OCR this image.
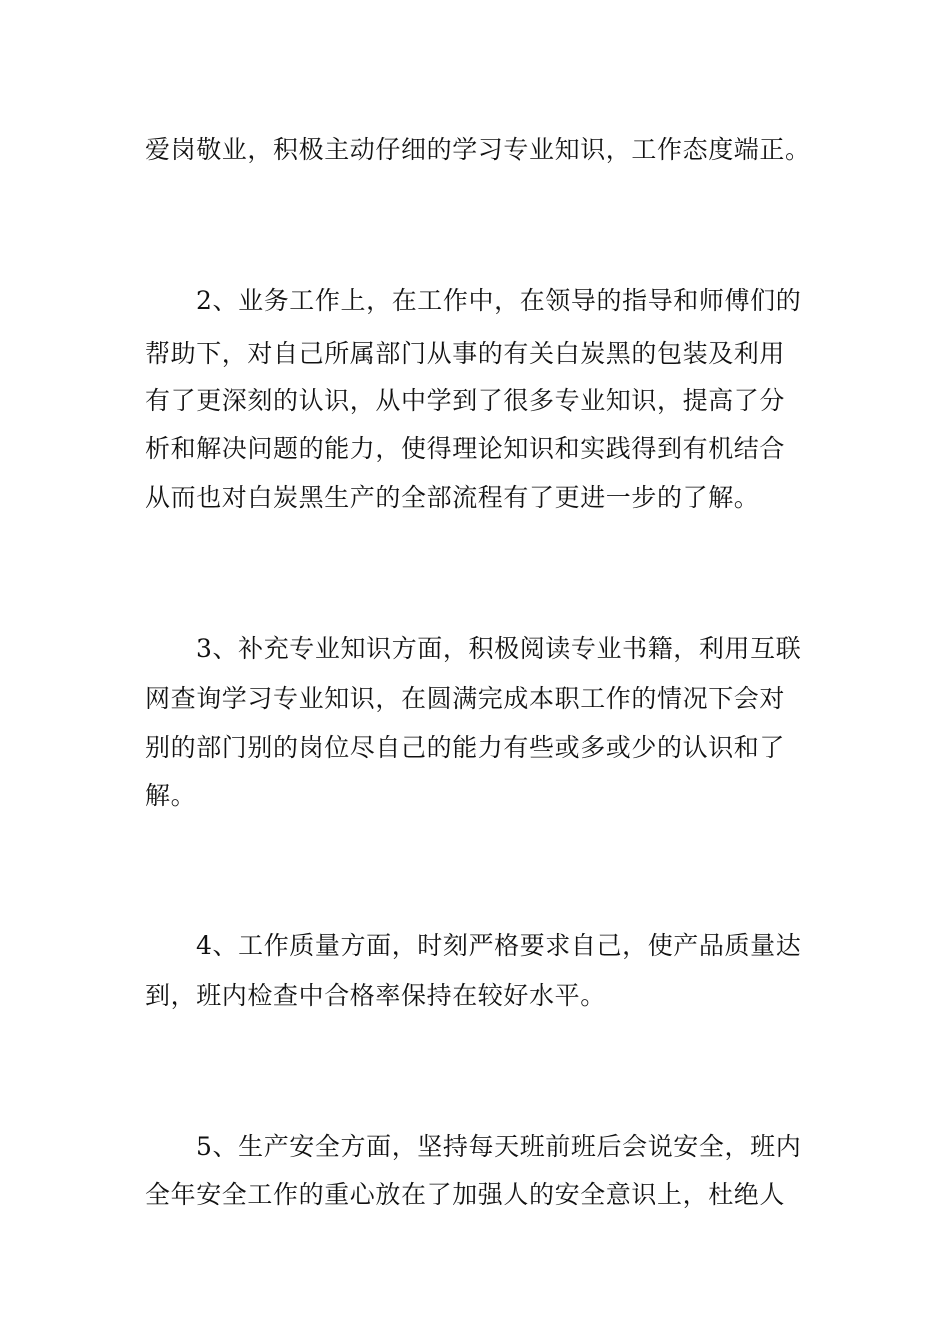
爱岗敬业，积极主动仔细的学习专业知识，工作态度端正。
2、业务工作上，在工作中，在领导的指导和师傅们的
帮助下，对自己所属部门从事的有关白炭黑的包装及利用
有了更深刻的认识，从中学到了很多专业知识，提高了分
析和解决问题的能力，使得理论知识和实践得到有机结合
从而也对白炭黑生产的全部流程有了更进一步的了解。
3、补充专业知识方面，积极阅读专业书籍，利用互联
网查询学习专业知识，在圆满完成本职工作的情况下会对
别的部门别的岗位尽自己的能力有些或多或少的认识和了
解。
4、工作质量方面，时刻严格要求自己，使产品质量达
到，班内检查中合格率保持在较好水平。
5、生产安全方面，坚持每天班前班后会说安全，班内
全年安全工作的重心放在了加强人的安全意识上，杜绝人
